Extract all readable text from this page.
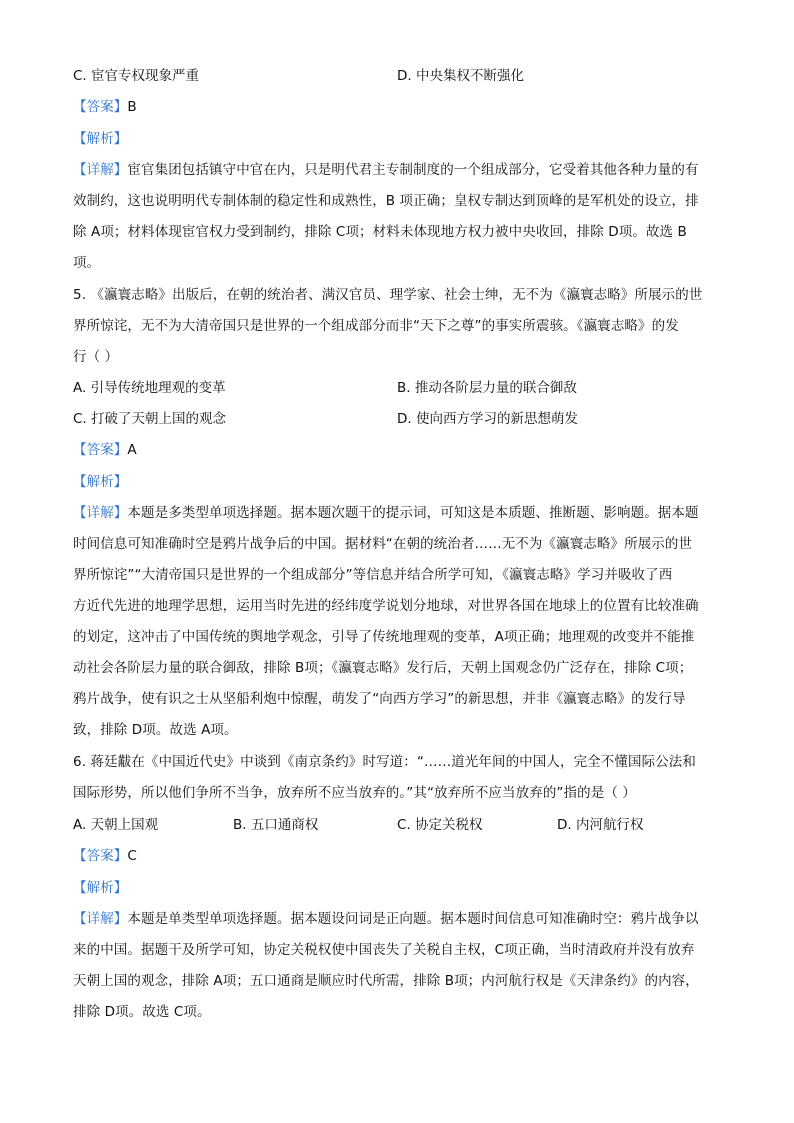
C. 宦官专权现象严重	D. 中央集权不断强化
【答案】B
【解析】
【详解】宦官集团包括镇守中官在内，只是明代君主专制制度的一个组成部分，它受着其他各种力量的有
效制约，这也说明明代专制体制的稳定性和成熟性，B 项正确；皇权专制达到顶峰的是军机处的设立，排
除 A项；材料体现宦官权力受到制约，排除 C项；材料未体现地方权力被中央收回，排除 D项。故选 B
项。
5. 《瀛寰志略》出版后，在朝的统治者、满汉官员、理学家、社会士绅，无不为《瀛寰志略》所展示的世
界所惊诧，无不为大清帝国只是世界的一个组成部分而非“天下之尊”的事实所震骇。《瀛寰志略》的发
行（ ）
A. 引导传统地理观的变革	B. 推动各阶层力量的联合御敌
C. 打破了天朝上国的观念	D. 使向西方学习的新思想萌发
【答案】A
【解析】
【详解】本题是多类型单项选择题。据本题次题干的提示词，可知这是本质题、推断题、影响题。据本题
时间信息可知准确时空是鸦片战争后的中国。据材料“在朝的统治者……无不为《瀛寰志略》所展示的世
界所惊诧”“大清帝国只是世界的一个组成部分”等信息并结合所学可知，《瀛寰志略》学习并吸收了西
方近代先进的地理学思想，运用当时先进的经纬度学说划分地球，对世界各国在地球上的位置有比较准确
的划定，这冲击了中国传统的舆地学观念，引导了传统地理观的变革，A项正确；地理观的改变并不能推
动社会各阶层力量的联合御敌，排除 B项；《瀛寰志略》发行后，天朝上国观念仍广泛存在，排除 C项；
鸦片战争，使有识之士从坚船利炮中惊醒，萌发了“向西方学习”的新思想，并非《瀛寰志略》的发行导
致，排除 D项。故选 A项。
6. 蒋廷黻在《中国近代史》中谈到《南京条约》时写道：“……道光年间的中国人，完全不懂国际公法和
国际形势，所以他们争所不当争，放弃所不应当放弃的。”其“放弃所不应当放弃的”指的是（ ）
A. 天朝上国观	B. 五口通商权	C. 协定关税权	D. 内河航行权
【答案】C
【解析】
【详解】本题是单类型单项选择题。据本题设问词是正向题。据本题时间信息可知准确时空：鸦片战争以
来的中国。据题干及所学可知，协定关税权使中国丧失了关税自主权，C项正确，当时清政府并没有放弃
天朝上国的观念，排除 A项；五口通商是顺应时代所需，排除 B项；内河航行权是《天津条约》的内容，
排除 D项。故选 C项。
